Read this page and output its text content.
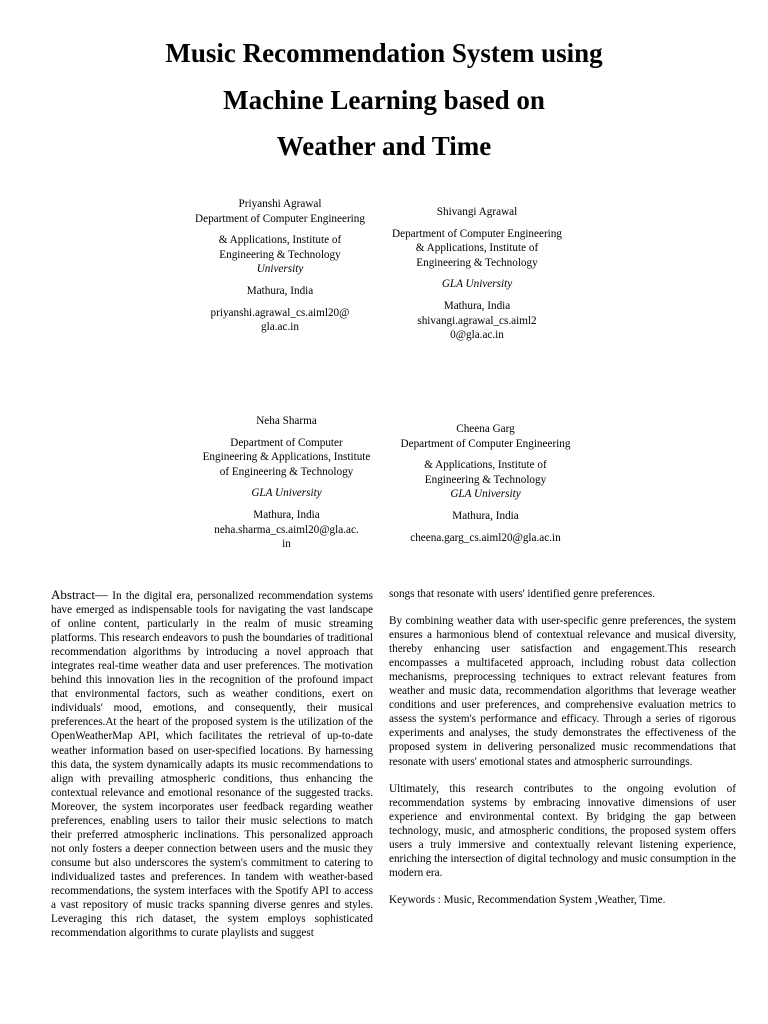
Music Recommendation System using
Machine Learning based on
Weather and Time
Priyanshi Agrawal
Department of Computer Engineering
& Applications, Institute of
Engineering & Technology
University
Mathura, India
priyanshi.agrawal_cs.aiml20@
gla.ac.in
Shivangi Agrawal
Department of Computer Engineering
& Applications, Institute of
Engineering & Technology
GLA University
Mathura, India
shivangi.agrawal_cs.aiml2
0@gla.ac.in
Neha Sharma
Department of Computer
Engineering & Applications, Institute
of Engineering & Technology
GLA University
Mathura, India
neha.sharma_cs.aiml20@gla.ac.
in
Cheena Garg
Department of Computer Engineering
& Applications, Institute of
Engineering & Technology
GLA University
Mathura, India
cheena.garg_cs.aiml20@gla.ac.in

Abstract— In the digital era, personalized recommendation systems have emerged as indispensable tools for navigating the vast landscape of online content, particularly in the realm of music streaming platforms. This research endeavors to push the boundaries of traditional recommendation algorithms by introducing a novel approach that integrates real-time weather data and user preferences. The motivation behind this innovation lies in the recognition of the profound impact that environmental factors, such as weather conditions, exert on individuals' mood, emotions, and consequently, their musical preferences.At the heart of the proposed system is the utilization of the OpenWeatherMap API, which facilitates the retrieval of up-to-date weather information based on user-specified locations. By harnessing this data, the system dynamically adapts its music recommendations to align with prevailing atmospheric conditions, thus enhancing the contextual relevance and emotional resonance of the suggested tracks. Moreover, the system incorporates user feedback regarding weather preferences, enabling users to tailor their music selections to match their preferred atmospheric inclinations. This personalized approach not only fosters a deeper connection between users and the music they consume but also underscores the system's commitment to catering to individualized tastes and preferences. In tandem with weather-based recommendations, the system interfaces with the Spotify API to access a vast repository of music tracks spanning diverse genres and styles. Leveraging this rich dataset, the system employs sophisticated recommendation algorithms to curate playlists and suggest

songs that resonate with users' identified genre preferences.

By combining weather data with user-specific genre preferences, the system ensures a harmonious blend of contextual relevance and musical diversity, thereby enhancing user satisfaction and engagement.This research encompasses a multifaceted approach, including robust data collection mechanisms, preprocessing techniques to extract relevant features from weather and music data, recommendation algorithms that leverage weather conditions and user preferences, and comprehensive evaluation metrics to assess the system's performance and efficacy. Through a series of rigorous experiments and analyses, the study demonstrates the effectiveness of the proposed system in delivering personalized music recommendations that resonate with users' emotional states and atmospheric surroundings.

Ultimately, this research contributes to the ongoing evolution of recommendation systems by embracing innovative dimensions of user experience and environmental context. By bridging the gap between technology, music, and atmospheric conditions, the proposed system offers users a truly immersive and contextually relevant listening experience, enriching the intersection of digital technology and music consumption in the modern era.

Keywords : Music, Recommendation System ,Weather, Time.
